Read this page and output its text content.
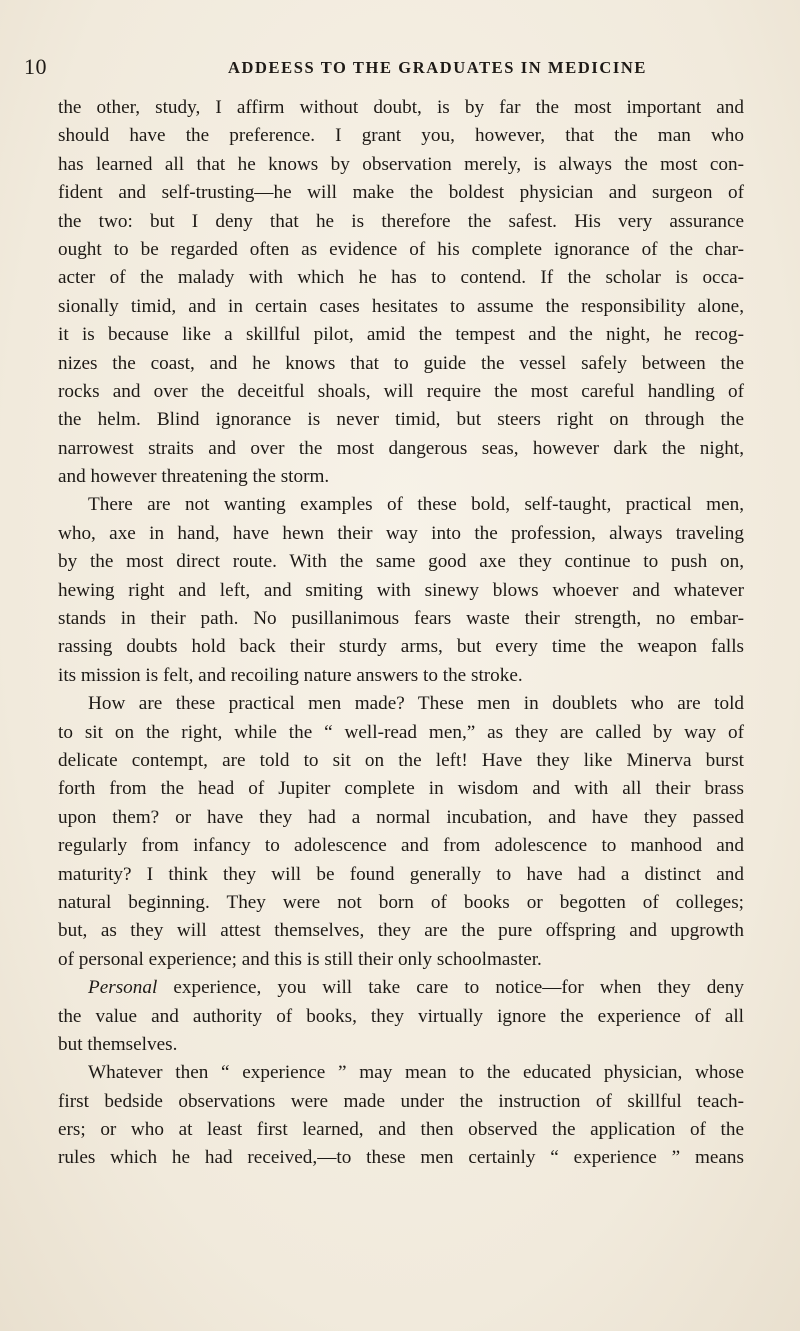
10	ADDEESS TO THE GRADUATES IN MEDICINE
the other, study, I affirm without doubt, is by far the most important and
should have the preference. I grant you, however, that the man who
has learned all that he knows by observation merely, is always the most con-
fident and self-trusting—he will make the boldest physician and surgeon of
the two: but I deny that he is therefore the safest. His very assurance
ought to be regarded often as evidence of his complete ignorance of the char-
acter of the malady with which he has to contend. If the scholar is occa-
sionally timid, and in certain cases hesitates to assume the responsibility alone,
it is because like a skillful pilot, amid the tempest and the night, he recog-
nizes the coast, and he knows that to guide the vessel safely between the
rocks and over the deceitful shoals, will require the most careful handling of
the helm. Blind ignorance is never timid, but steers right on through the
narrowest straits and over the most dangerous seas, however dark the night,
and however threatening the storm.
There are not wanting examples of these bold, self-taught, practical men,
who, axe in hand, have hewn their way into the profession, always traveling
by the most direct route. With the same good axe they continue to push on,
hewing right and left, and smiting with sinewy blows whoever and whatever
stands in their path. No pusillanimous fears waste their strength, no embar-
rassing doubts hold back their sturdy arms, but every time the weapon falls
its mission is felt, and recoiling nature answers to the stroke.
How are these practical men made? These men in doublets who are told
to sit on the right, while the “ well-read men,” as they are called by way of
delicate contempt, are told to sit on the left! Have they like Minerva burst
forth from the head of Jupiter complete in wisdom and with all their brass
upon them? or have they had a normal incubation, and have they passed
regularly from infancy to adolescence and from adolescence to manhood and
maturity? I think they will be found generally to have had a distinct and
natural beginning. They were not born of books or begotten of colleges;
but, as they will attest themselves, they are the pure offspring and upgrowth
of personal experience; and this is still their only schoolmaster.
Personal experience, you will take care to notice—for when they deny
the value and authority of books, they virtually ignore the experience of all
but themselves.
Whatever then “ experience ” may mean to the educated physician, whose
first bedside observations were made under the instruction of skillful teach-
ers; or who at least first learned, and then observed the application of the
rules which he had received,—to these men certainly “ experience ” means
